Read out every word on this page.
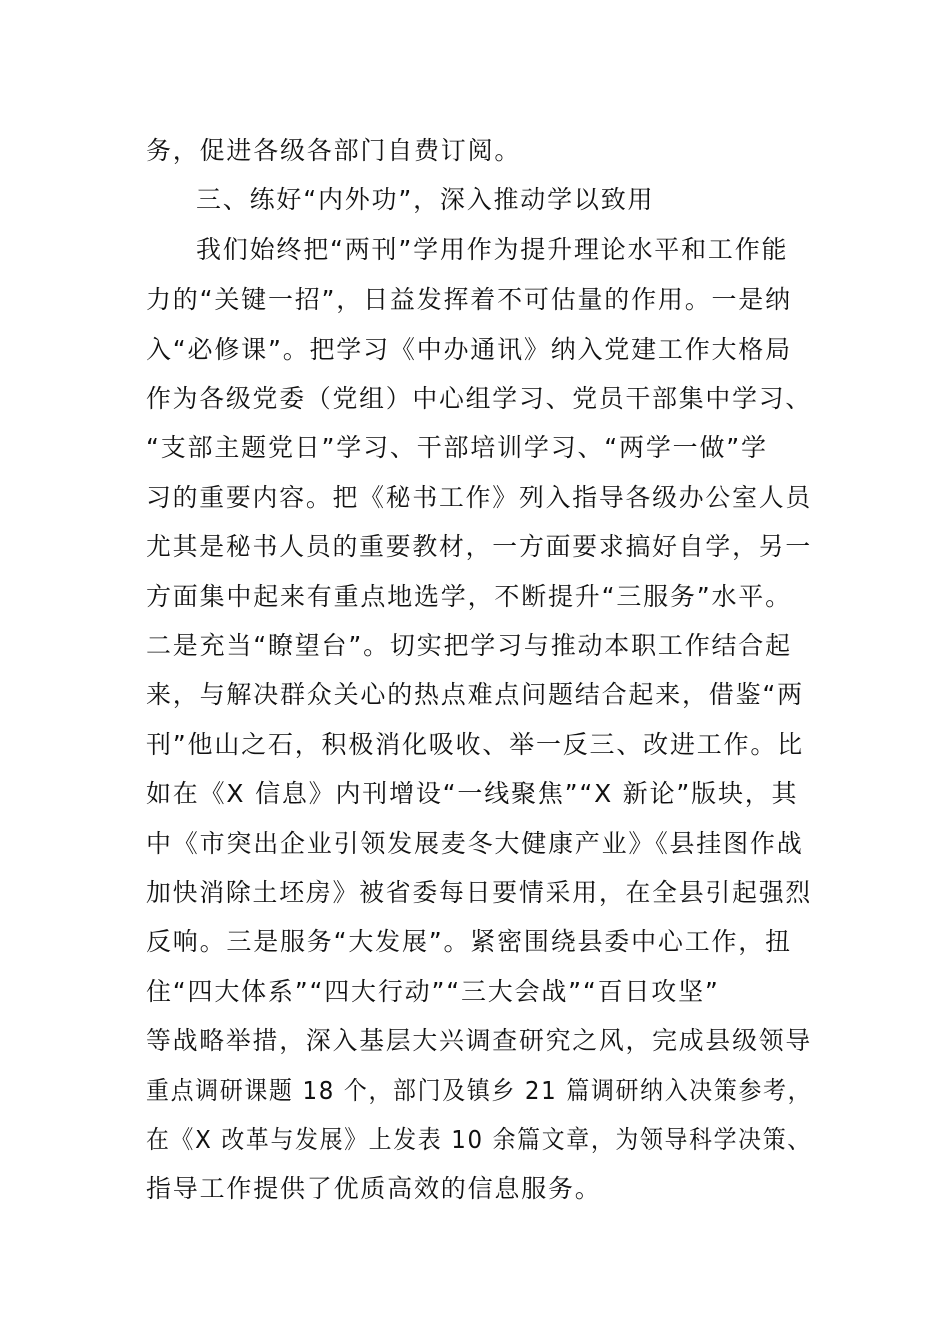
务，促进各级各部门自费订阅。
三、练好“内外功”，深入推动学以致用
我们始终把“两刊”学用作为提升理论水平和工作能
力的“关键一招”，日益发挥着不可估量的作用。一是纳
入“必修课”。把学习《中办通讯》纳入党建工作大格局
作为各级党委（党组）中心组学习、党员干部集中学习、
“支部主题党日”学习、干部培训学习、“两学一做”学
习的重要内容。把《秘书工作》列入指导各级办公室人员
尤其是秘书人员的重要教材，一方面要求搞好自学，另一
方面集中起来有重点地选学，不断提升“三服务”水平。
二是充当“瞭望台”。切实把学习与推动本职工作结合起
来，与解决群众关心的热点难点问题结合起来，借鉴“两
刊”他山之石，积极消化吸收、举一反三、改进工作。比
如在《X 信息》内刊增设“一线聚焦”“X 新论”版块，其
中《市突出企业引领发展麦冬大健康产业》《县挂图作战
加快消除土坯房》被省委每日要情采用，在全县引起强烈
反响。三是服务“大发展”。紧密围绕县委中心工作，扭
住“四大体系”“四大行动”“三大会战”“百日攻坚”
等战略举措，深入基层大兴调查研究之风，完成县级领导
重点调研课题 18 个，部门及镇乡 21 篇调研纳入决策参考，
在《X 改革与发展》上发表 10 余篇文章，为领导科学决策、
指导工作提供了优质高效的信息服务。
